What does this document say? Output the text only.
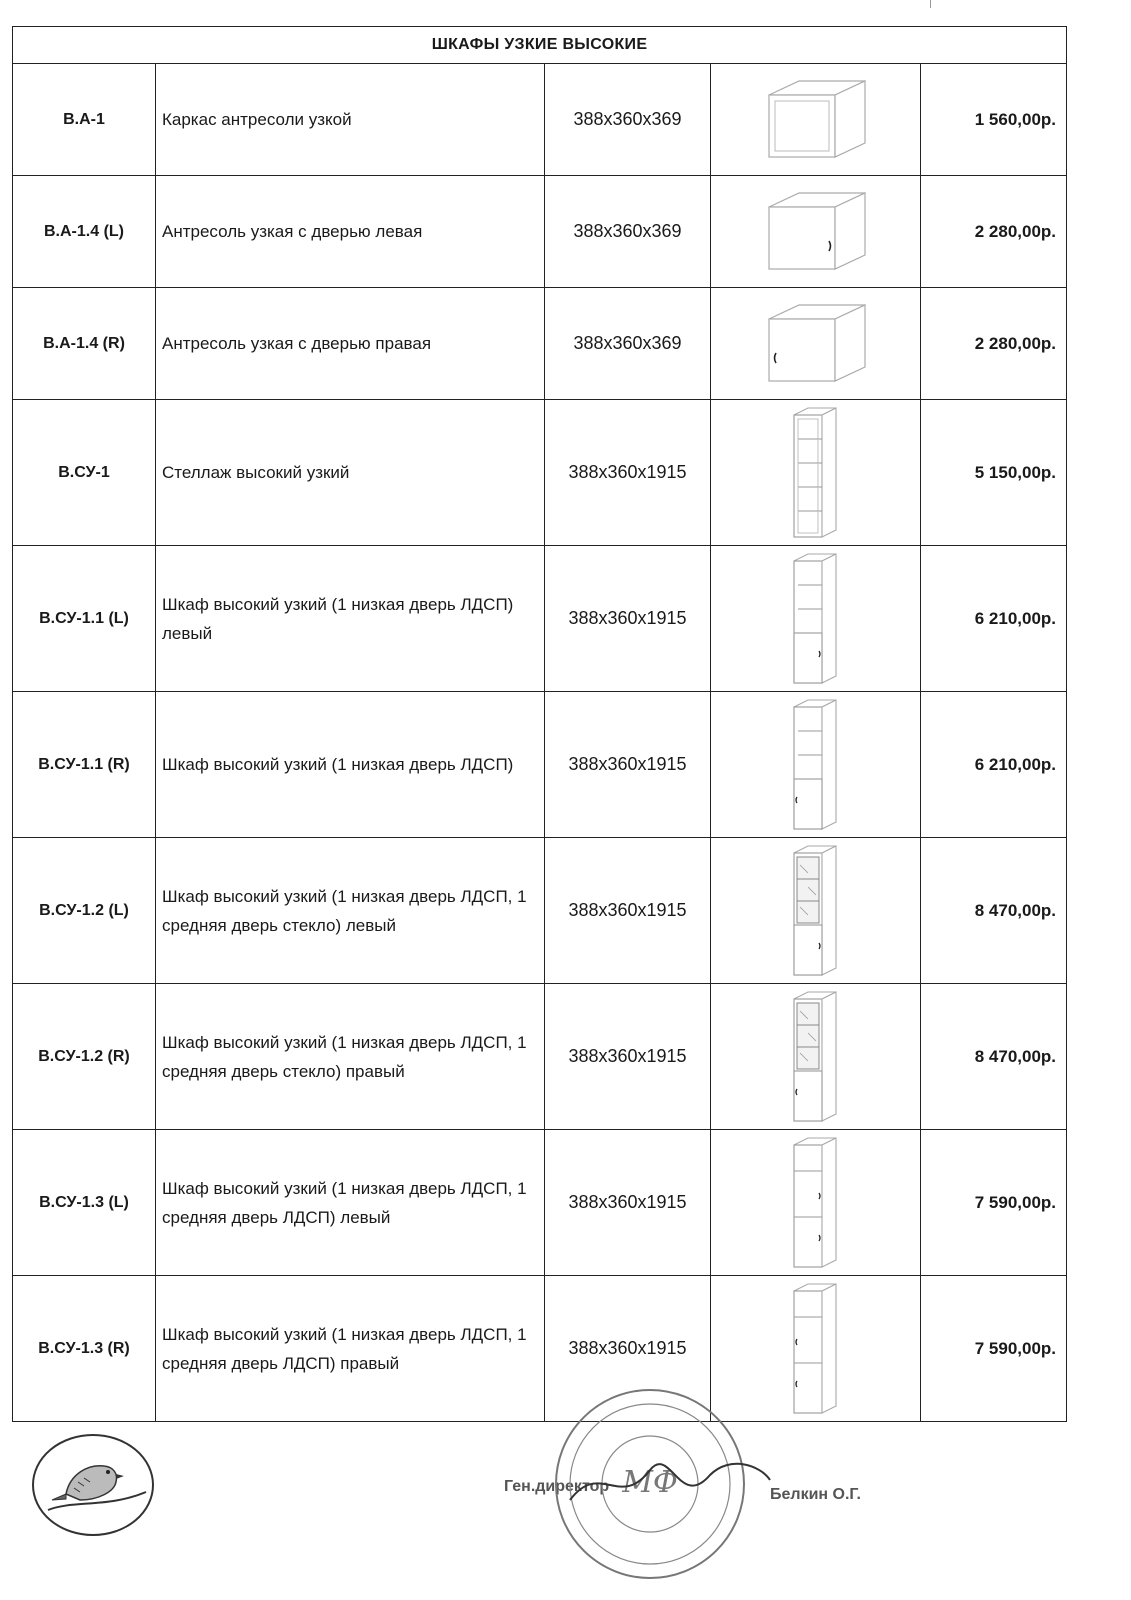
ШКАФЫ УЗКИЕ ВЫСОКИЕ				
В.А-1	Каркас антресоли узкой	388х360х369		1 560,00р.
В.А-1.4 (L)	Антресоль узкая с дверью левая	388х360х369		2 280,00р.
В.А-1.4 (R)	Антресоль узкая с дверью правая	388х360х369		2 280,00р.
В.СУ-1	Стеллаж высокий узкий	388х360х1915		5 150,00р.
В.СУ-1.1 (L)	Шкаф высокий узкий (1 низкая дверь ЛДСП) левый	388х360х1915		6 210,00р.
В.СУ-1.1 (R)	Шкаф высокий узкий (1 низкая дверь ЛДСП)	388х360х1915		6 210,00р.
В.СУ-1.2 (L)	Шкаф высокий узкий (1 низкая дверь ЛДСП, 1 средняя дверь стекло) левый	388х360х1915		8 470,00р.
В.СУ-1.2 (R)	Шкаф высокий узкий (1 низкая дверь ЛДСП, 1 средняя дверь стекло) правый	388х360х1915		8 470,00р.
В.СУ-1.3 (L)	Шкаф высокий узкий (1 низкая дверь ЛДСП, 1 средняя дверь ЛДСП) левый	388х360х1915		7 590,00р.
В.СУ-1.3 (R)	Шкаф высокий узкий (1 низкая дверь ЛДСП, 1 средняя дверь ЛДСП) правый	388х360х1915		7 590,00р.
Ген.директор МФ	Белкин О.Г.
